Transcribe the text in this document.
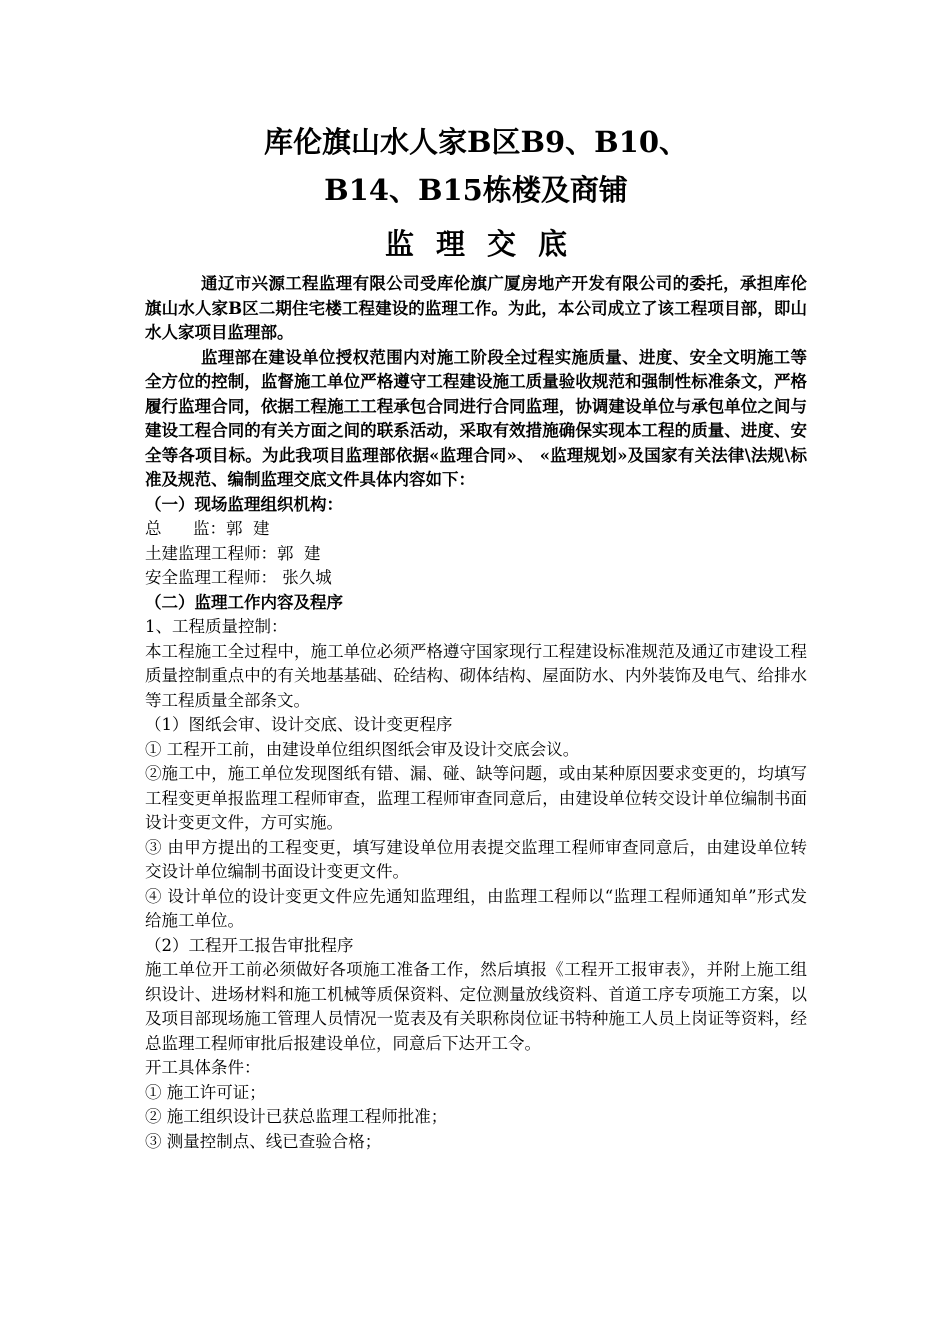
库伦旗山水人家B区B9、B10、
B14、B15栋楼及商铺
监理交底

通辽市兴源工程监理有限公司受库伦旗广厦房地产开发有限公司的委托，承担库伦旗山水人家B区二期住宅楼工程建设的监理工作。为此，本公司成立了该工程项目部，即山水人家项目监理部。

监理部在建设单位授权范围内对施工阶段全过程实施质量、进度、安全文明施工等全方位的控制，监督施工单位严格遵守工程建设施工质量验收规范和强制性标准条文，严格履行监理合同，依据工程施工工程承包合同进行合同监理，协调建设单位与承包单位之间与建设工程合同的有关方面之间的联系活动，采取有效措施确保实现本工程的质量、进度、安全等各项目标。为此我项目监理部依据«监理合同»、 «监理规划»及国家有关法律\法规\标准及规范、编制监理交底文件具体内容如下：

（一）现场监理组织机构：

总      监：郭  建

土建监理工程师：郭  建

安全监理工程师： 张久城

（二）监理工作内容及程序

1、工程质量控制：

本工程施工全过程中，施工单位必须严格遵守国家现行工程建设标准规范及通辽市建设工程质量控制重点中的有关地基基础、砼结构、砌体结构、屋面防水、内外装饰及电气、给排水等工程质量全部条文。

（1）图纸会审、设计交底、设计变更程序

① 工程开工前，由建设单位组织图纸会审及设计交底会议。

②施工中，施工单位发现图纸有错、漏、碰、缺等问题，或由某种原因要求变更的，均填写工程变更单报监理工程师审查，监理工程师审查同意后，由建设单位转交设计单位编制书面设计变更文件，方可实施。

③ 由甲方提出的工程变更，填写建设单位用表提交监理工程师审查同意后，由建设单位转交设计单位编制书面设计变更文件。

④ 设计单位的设计变更文件应先通知监理组，由监理工程师以“监理工程师通知单”形式发给施工单位。

（2）工程开工报告审批程序

施工单位开工前必须做好各项施工准备工作，然后填报《工程开工报审表》，并附上施工组织设计、进场材料和施工机械等质保资料、定位测量放线资料、首道工序专项施工方案，以及项目部现场施工管理人员情况一览表及有关职称岗位证书特种施工人员上岗证等资料，经总监理工程师审批后报建设单位，同意后下达开工令。

开工具体条件：

① 施工许可证；

② 施工组织设计已获总监理工程师批准；

③ 测量控制点、线已查验合格；
